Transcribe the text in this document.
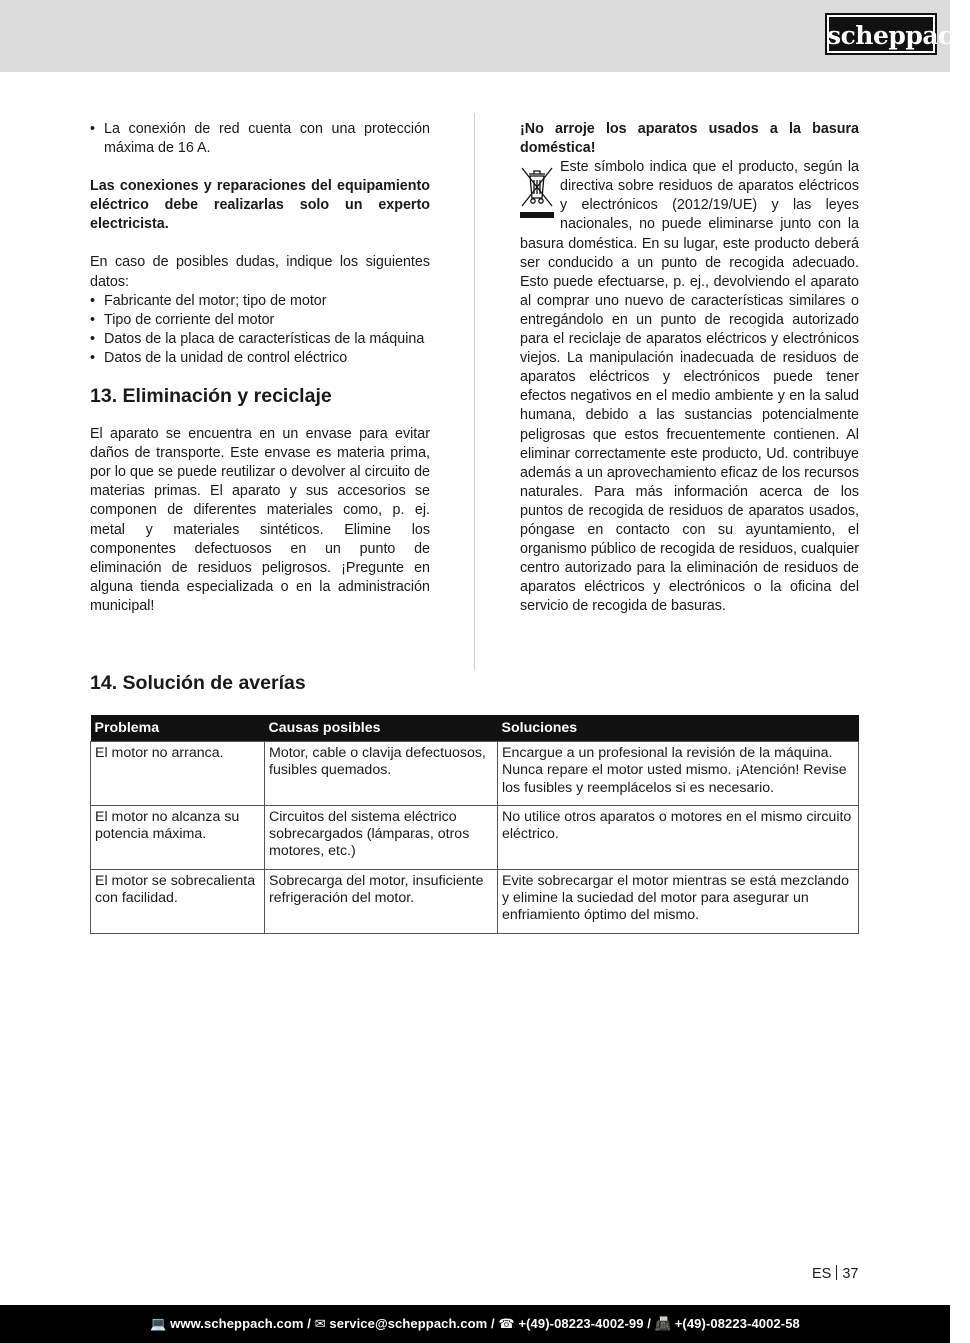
scheppach
• La conexión de red cuenta con una protección máxima de 16 A.

Las conexiones y reparaciones del equipamiento eléctrico debe realizarlas solo un experto electricista.

En caso de posibles dudas, indique los siguientes datos:

• Fabricante del motor; tipo de motor
• Tipo de corriente del motor
• Datos de la placa de características de la máquina
• Datos de la unidad de control eléctrico
13. Eliminación y reciclaje

El aparato se encuentra en un envase para evitar daños de transporte. Este envase es materia prima, por lo que se puede reutilizar o devolver al circuito de materias primas. El aparato y sus accesorios se componen de diferentes materiales como, p. ej. metal y materiales sintéticos. Elimine los componentes defectuosos en un punto de eliminación de residuos peligrosos. ¡Pregunte en alguna tienda especializada o en la administración municipal!

¡No arroje los aparatos usados a la basura doméstica!

Este símbolo indica que el producto, según la directiva sobre residuos de aparatos eléctricos y electrónicos (2012/19/UE) y las leyes nacionales, no puede eliminarse junto con la basura doméstica. En su lugar, este producto deberá ser conducido a un punto de recogida adecuado. Esto puede efectuarse, p. ej., devolviendo el aparato al comprar uno nuevo de características similares o entregándolo en un punto de recogida autorizado para el reciclaje de aparatos eléctricos y electrónicos viejos. La manipulación inadecuada de residuos de aparatos eléctricos y electrónicos puede tener efectos negativos en el medio ambiente y en la salud humana, debido a las sustancias potencialmente peligrosas que estos frecuentemente contienen. Al eliminar correctamente este producto, Ud. contribuye además a un aprovechamiento eficaz de los recursos naturales. Para más información acerca de los puntos de recogida de residuos de aparatos usados, póngase en contacto con su ayuntamiento, el organismo público de recogida de residuos, cualquier centro autorizado para la eliminación de residuos de aparatos eléctricos y electrónicos o la oficina del servicio de recogida de basuras.

14. Solución de averías
Problema	Causas posibles	Soluciones
El motor no arranca.	Motor, cable o clavija defectuosos, fusibles quemados.	Encargue a un profesional la revisión de la máquina. Nunca repare el motor usted mismo. ¡Atención! Revise los fusibles y reemplácelos si es necesario.
El motor no alcanza su potencia máxima.	Circuitos del sistema eléctrico sobrecargados (lámparas, otros motores, etc.)	No utilice otros aparatos o motores en el mismo circuito eléctrico.
El motor se sobrecalienta con facilidad.	Sobrecarga del motor, insuficiente refrigeración del motor.	Evite sobrecargar el motor mientras se está mezclando y elimine la suciedad del motor para asegurar un enfriamiento óptimo del mismo.
ES 37
💻 www.scheppach.com / ✉ service@scheppach.com / ☎ +(49)-08223-4002-99 / 📠 +(49)-08223-4002-58
